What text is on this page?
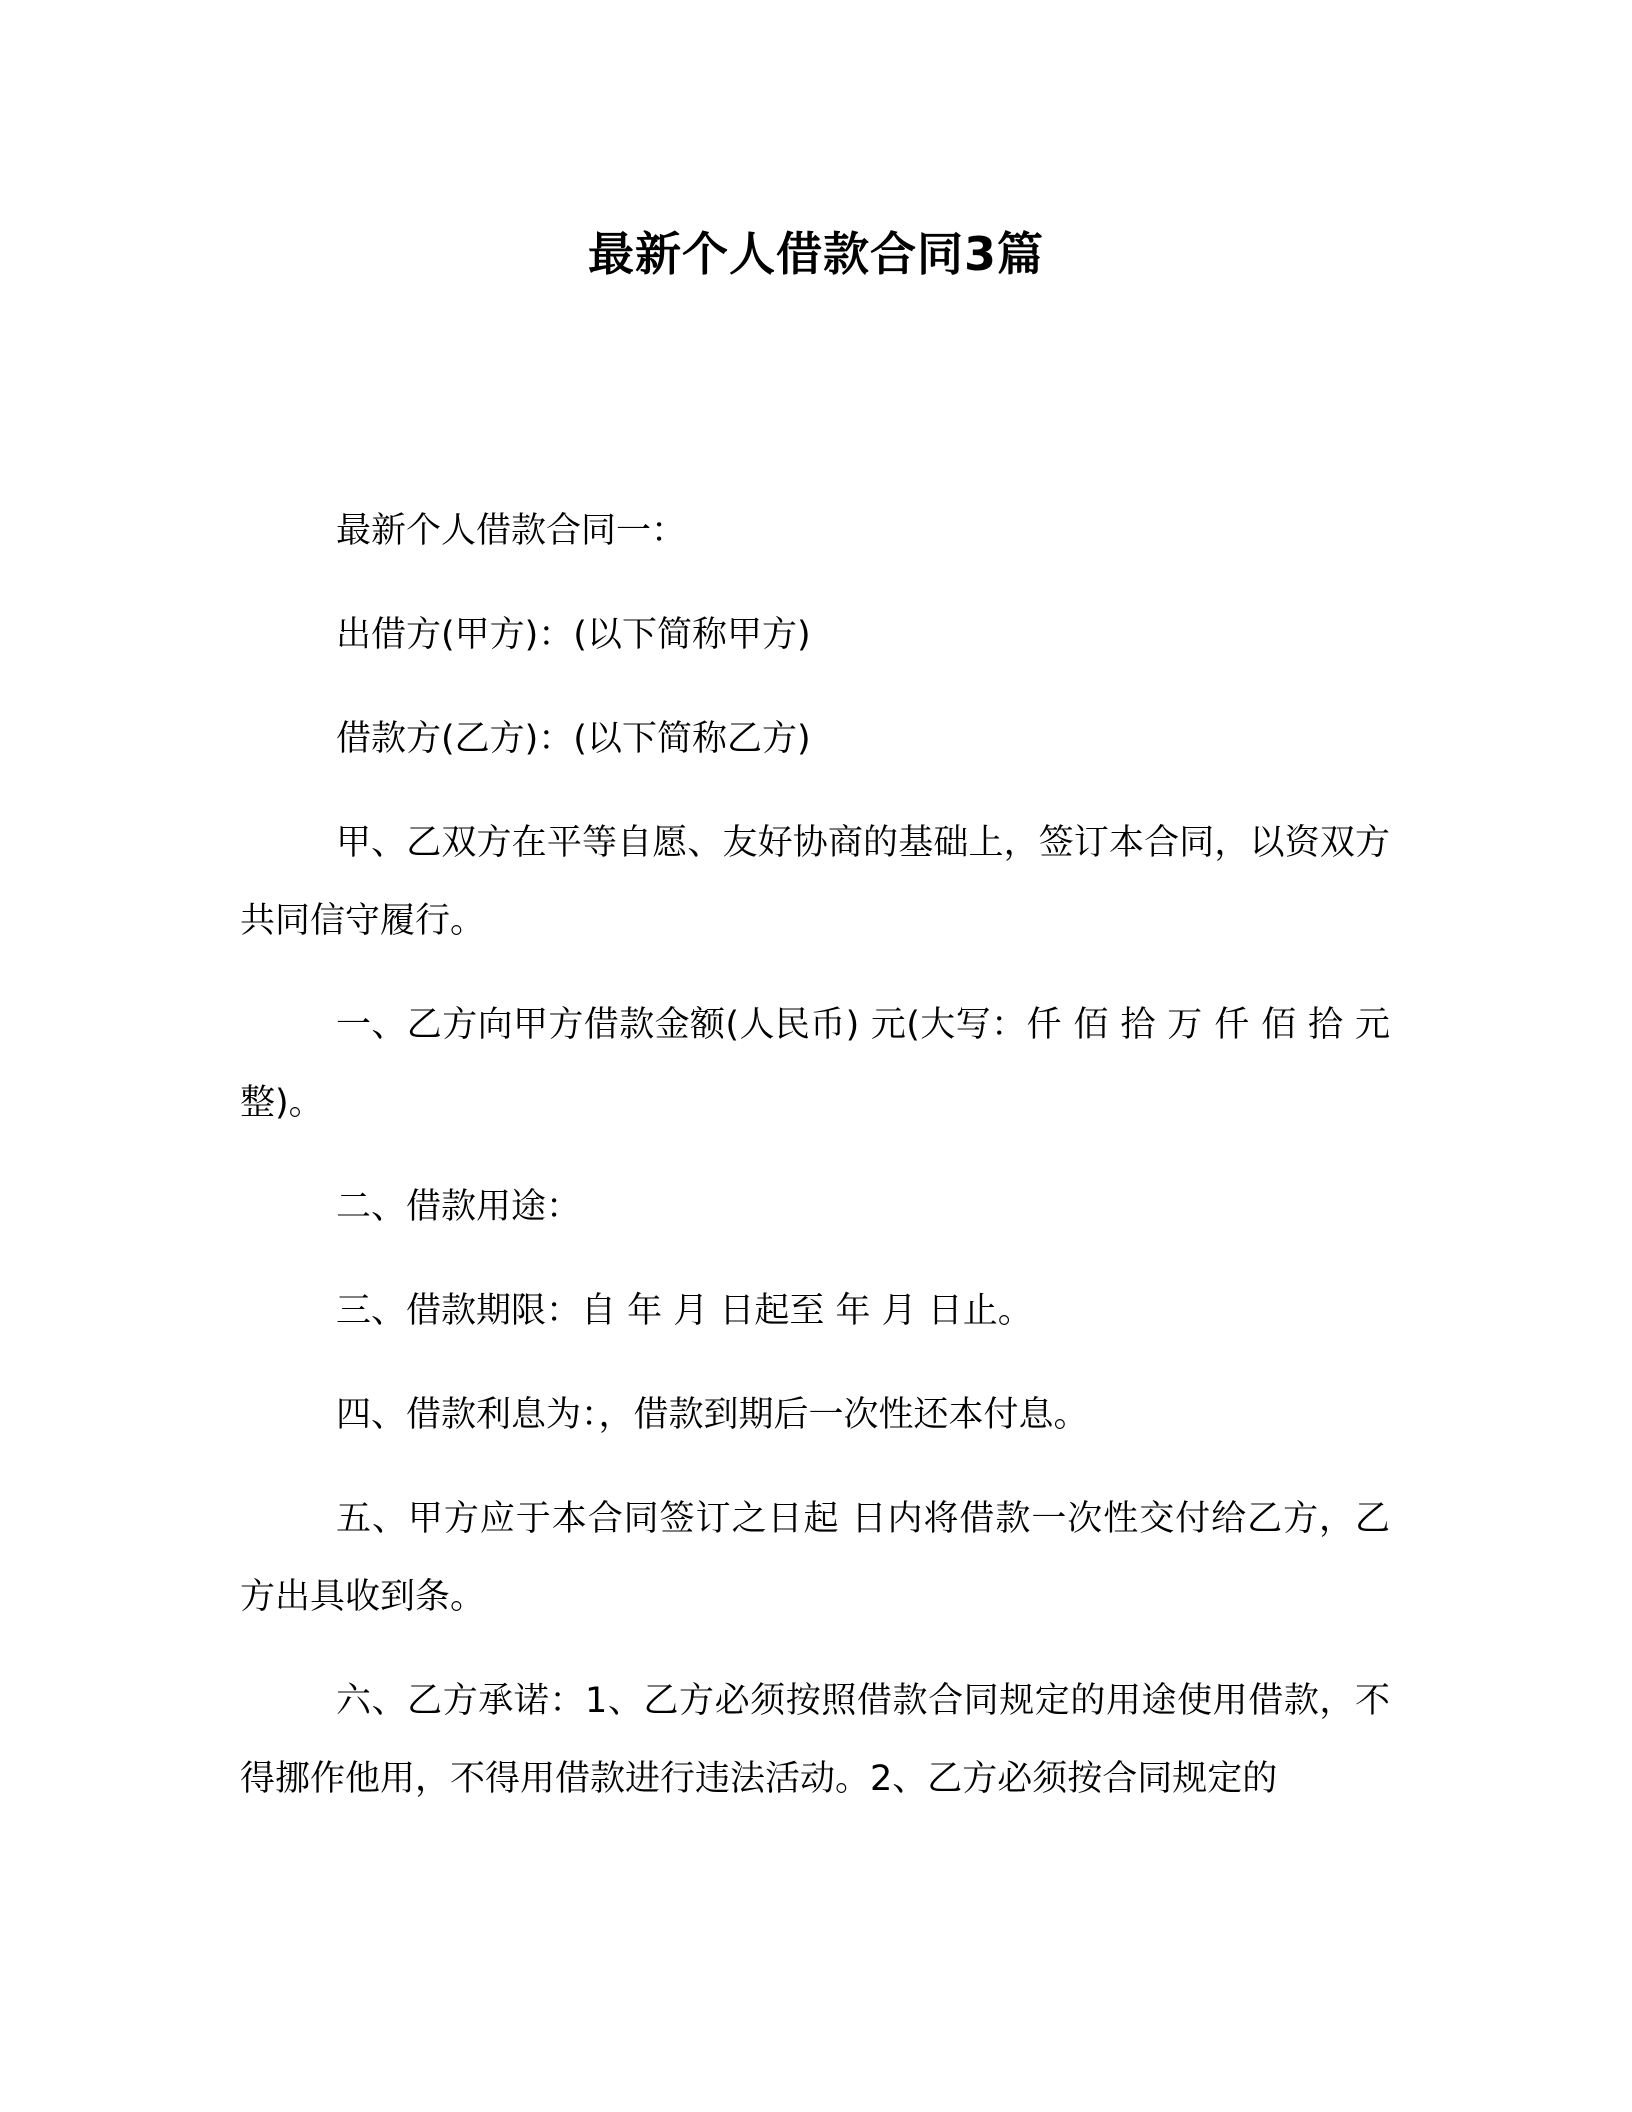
最新个人借款合同3篇

最新个人借款合同一：

出借方(甲方)：(以下简称甲方)

借款方(乙方)：(以下简称乙方)

甲、乙双方在平等自愿、友好协商的基础上，签订本合同，以资双方共同信守履行。

一、乙方向甲方借款金额(人民币) 元(大写：仟 佰 拾 万 仟 佰 拾 元整)。

二、借款用途：

三、借款期限：自 年 月 日起至 年 月 日止。

四、借款利息为：，借款到期后一次性还本付息。

五、甲方应于本合同签订之日起 日内将借款一次性交付给乙方，乙方出具收到条。

六、乙方承诺：1、乙方必须按照借款合同规定的用途使用借款，不得挪作他用，不得用借款进行违法活动。2、乙方必须按合同规定的
